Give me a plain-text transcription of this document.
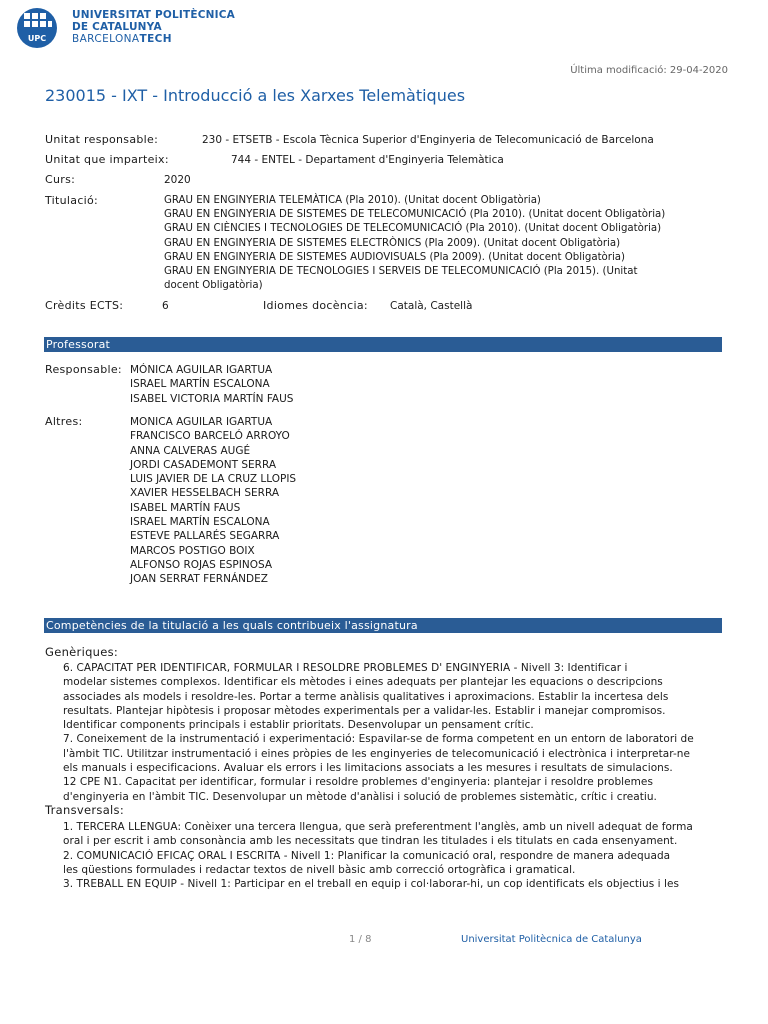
UPC
UNIVERSITAT POLITÈCNICA
DE CATALUNYA
BARCELONATECH
Última modificació: 29-04-2020
230015 - IXT - Introducció a les Xarxes Telemàtiques
Unitat responsable:	230 - ETSETB - Escola Tècnica Superior d'Enginyeria de Telecomunicació de Barcelona
Unitat que imparteix:	744 - ENTEL - Departament d'Enginyeria Telemàtica
Curs:	2020
Titulació:	GRAU EN ENGINYERIA TELEMÀTICA (Pla 2010). (Unitat docent Obligatòria)
GRAU EN ENGINYERIA DE SISTEMES DE TELECOMUNICACIÓ (Pla 2010). (Unitat docent Obligatòria)
GRAU EN CIÈNCIES I TECNOLOGIES DE TELECOMUNICACIÓ (Pla 2010). (Unitat docent Obligatòria)
GRAU EN ENGINYERIA DE SISTEMES ELECTRÒNICS (Pla 2009). (Unitat docent Obligatòria)
GRAU EN ENGINYERIA DE SISTEMES AUDIOVISUALS (Pla 2009). (Unitat docent Obligatòria)
GRAU EN ENGINYERIA DE TECNOLOGIES I SERVEIS DE TELECOMUNICACIÓ (Pla 2015). (Unitat
docent Obligatòria)
Crèdits ECTS:	6	Idiomes docència: Català, Castellà
Professorat
Responsable: MÓNICA AGUILAR IGARTUA
ISRAEL MARTÍN ESCALONA
ISABEL VICTORIA MARTÍN FAUS
Altres:	MONICA AGUILAR IGARTUA
FRANCISCO BARCELÓ ARROYO
ANNA CALVERAS AUGÉ
JORDI CASADEMONT SERRA
LUIS JAVIER DE LA CRUZ LLOPIS
XAVIER HESSELBACH SERRA
ISABEL MARTÍN FAUS
ISRAEL MARTÍN ESCALONA
ESTEVE PALLARÉS SEGARRA
MARCOS POSTIGO BOIX
ALFONSO ROJAS ESPINOSA
JOAN SERRAT FERNÁNDEZ
Competències de la titulació a les quals contribueix l'assignatura
Genèriques:
6. CAPACITAT PER IDENTIFICAR, FORMULAR I RESOLDRE PROBLEMES D' ENGINYERIA - Nivell 3: Identificar i
modelar sistemes complexos. Identificar els mètodes i eines adequats per plantejar les equacions o descripcions
associades als models i resoldre-les. Portar a terme anàlisis qualitatives i aproximacions. Establir la incertesa dels
resultats. Plantejar hipòtesis i proposar mètodes experimentals per a validar-les. Establir i manejar compromisos.
Identificar components principals i establir prioritats. Desenvolupar un pensament crític.
7. Coneixement de la instrumentació i experimentació: Espavilar-se de forma competent en un entorn de laboratori de
l'àmbit TIC. Utilitzar instrumentació i eines pròpies de les enginyeries de telecomunicació i electrònica i interpretar-ne
els manuals i especificacions. Avaluar els errors i les limitacions associats a les mesures i resultats de simulacions.
12 CPE N1. Capacitat per identificar, formular i resoldre problemes d'enginyeria: plantejar i resoldre problemes
d'enginyeria en l'àmbit TIC. Desenvolupar un mètode d'anàlisi i solució de problemes sistemàtic, crític i creatiu.
Transversals:
1. TERCERA LLENGUA: Conèixer una tercera llengua, que serà preferentment l'anglès, amb un nivell adequat de forma
oral i per escrit i amb consonància amb les necessitats que tindran les titulades i els titulats en cada ensenyament.
2. COMUNICACIÓ EFICAÇ ORAL I ESCRITA - Nivell 1: Planificar la comunicació oral, respondre de manera adequada
les qüestions formulades i redactar textos de nivell bàsic amb correcció ortogràfica i gramatical.
3. TREBALL EN EQUIP - Nivell 1: Participar en el treball en equip i col·laborar-hi, un cop identificats els objectius i les
1 / 8	Universitat Politècnica de Catalunya
